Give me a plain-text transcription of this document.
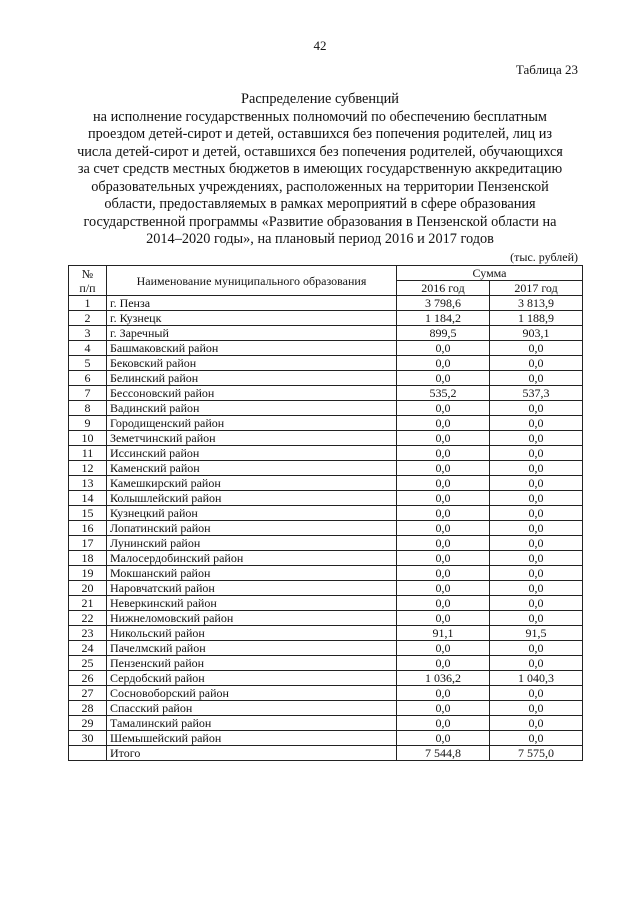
42
Таблица 23
Распределение субвенций
на исполнение государственных полномочий по обеспечению бесплатным
проездом детей-сирот и детей, оставшихся без попечения родителей, лиц из
числа детей-сирот и детей, оставшихся без попечения родителей, обучающихся
за счет средств местных бюджетов в имеющих государственную аккредитацию
образовательных учреждениях, расположенных на территории Пензенской
области, предоставляемых в рамках мероприятий в сфере образования
государственной программы «Развитие образования в Пензенской области на
2014–2020 годы», на плановый период 2016 и 2017 годов
(тыс. рублей)
№
п/п	Наименование муниципального образования	Сумма	
		2016 год	2017 год
1	г. Пенза	3 798,6	3 813,9
2	г. Кузнецк	1 184,2	1 188,9
3	г. Заречный	899,5	903,1
4	Башмаковский район	0,0	0,0
5	Бековский район	0,0	0,0
6	Белинский район	0,0	0,0
7	Бессоновский район	535,2	537,3
8	Вадинский район	0,0	0,0
9	Городищенский район	0,0	0,0
10	Земетчинский район	0,0	0,0
11	Иссинский район	0,0	0,0
12	Каменский район	0,0	0,0
13	Камешкирский район	0,0	0,0
14	Колышлейский район	0,0	0,0
15	Кузнецкий район	0,0	0,0
16	Лопатинский район	0,0	0,0
17	Лунинский район	0,0	0,0
18	Малосердобинский район	0,0	0,0
19	Мокшанский район	0,0	0,0
20	Наровчатский район	0,0	0,0
21	Неверкинский район	0,0	0,0
22	Нижнеломовский район	0,0	0,0
23	Никольский район	91,1	91,5
24	Пачелмский район	0,0	0,0
25	Пензенский район	0,0	0,0
26	Сердобский район	1 036,2	1 040,3
27	Сосновоборский район	0,0	0,0
28	Спасский район	0,0	0,0
29	Тамалинский район	0,0	0,0
30	Шемышейский район	0,0	0,0
	Итого	7 544,8	7 575,0
